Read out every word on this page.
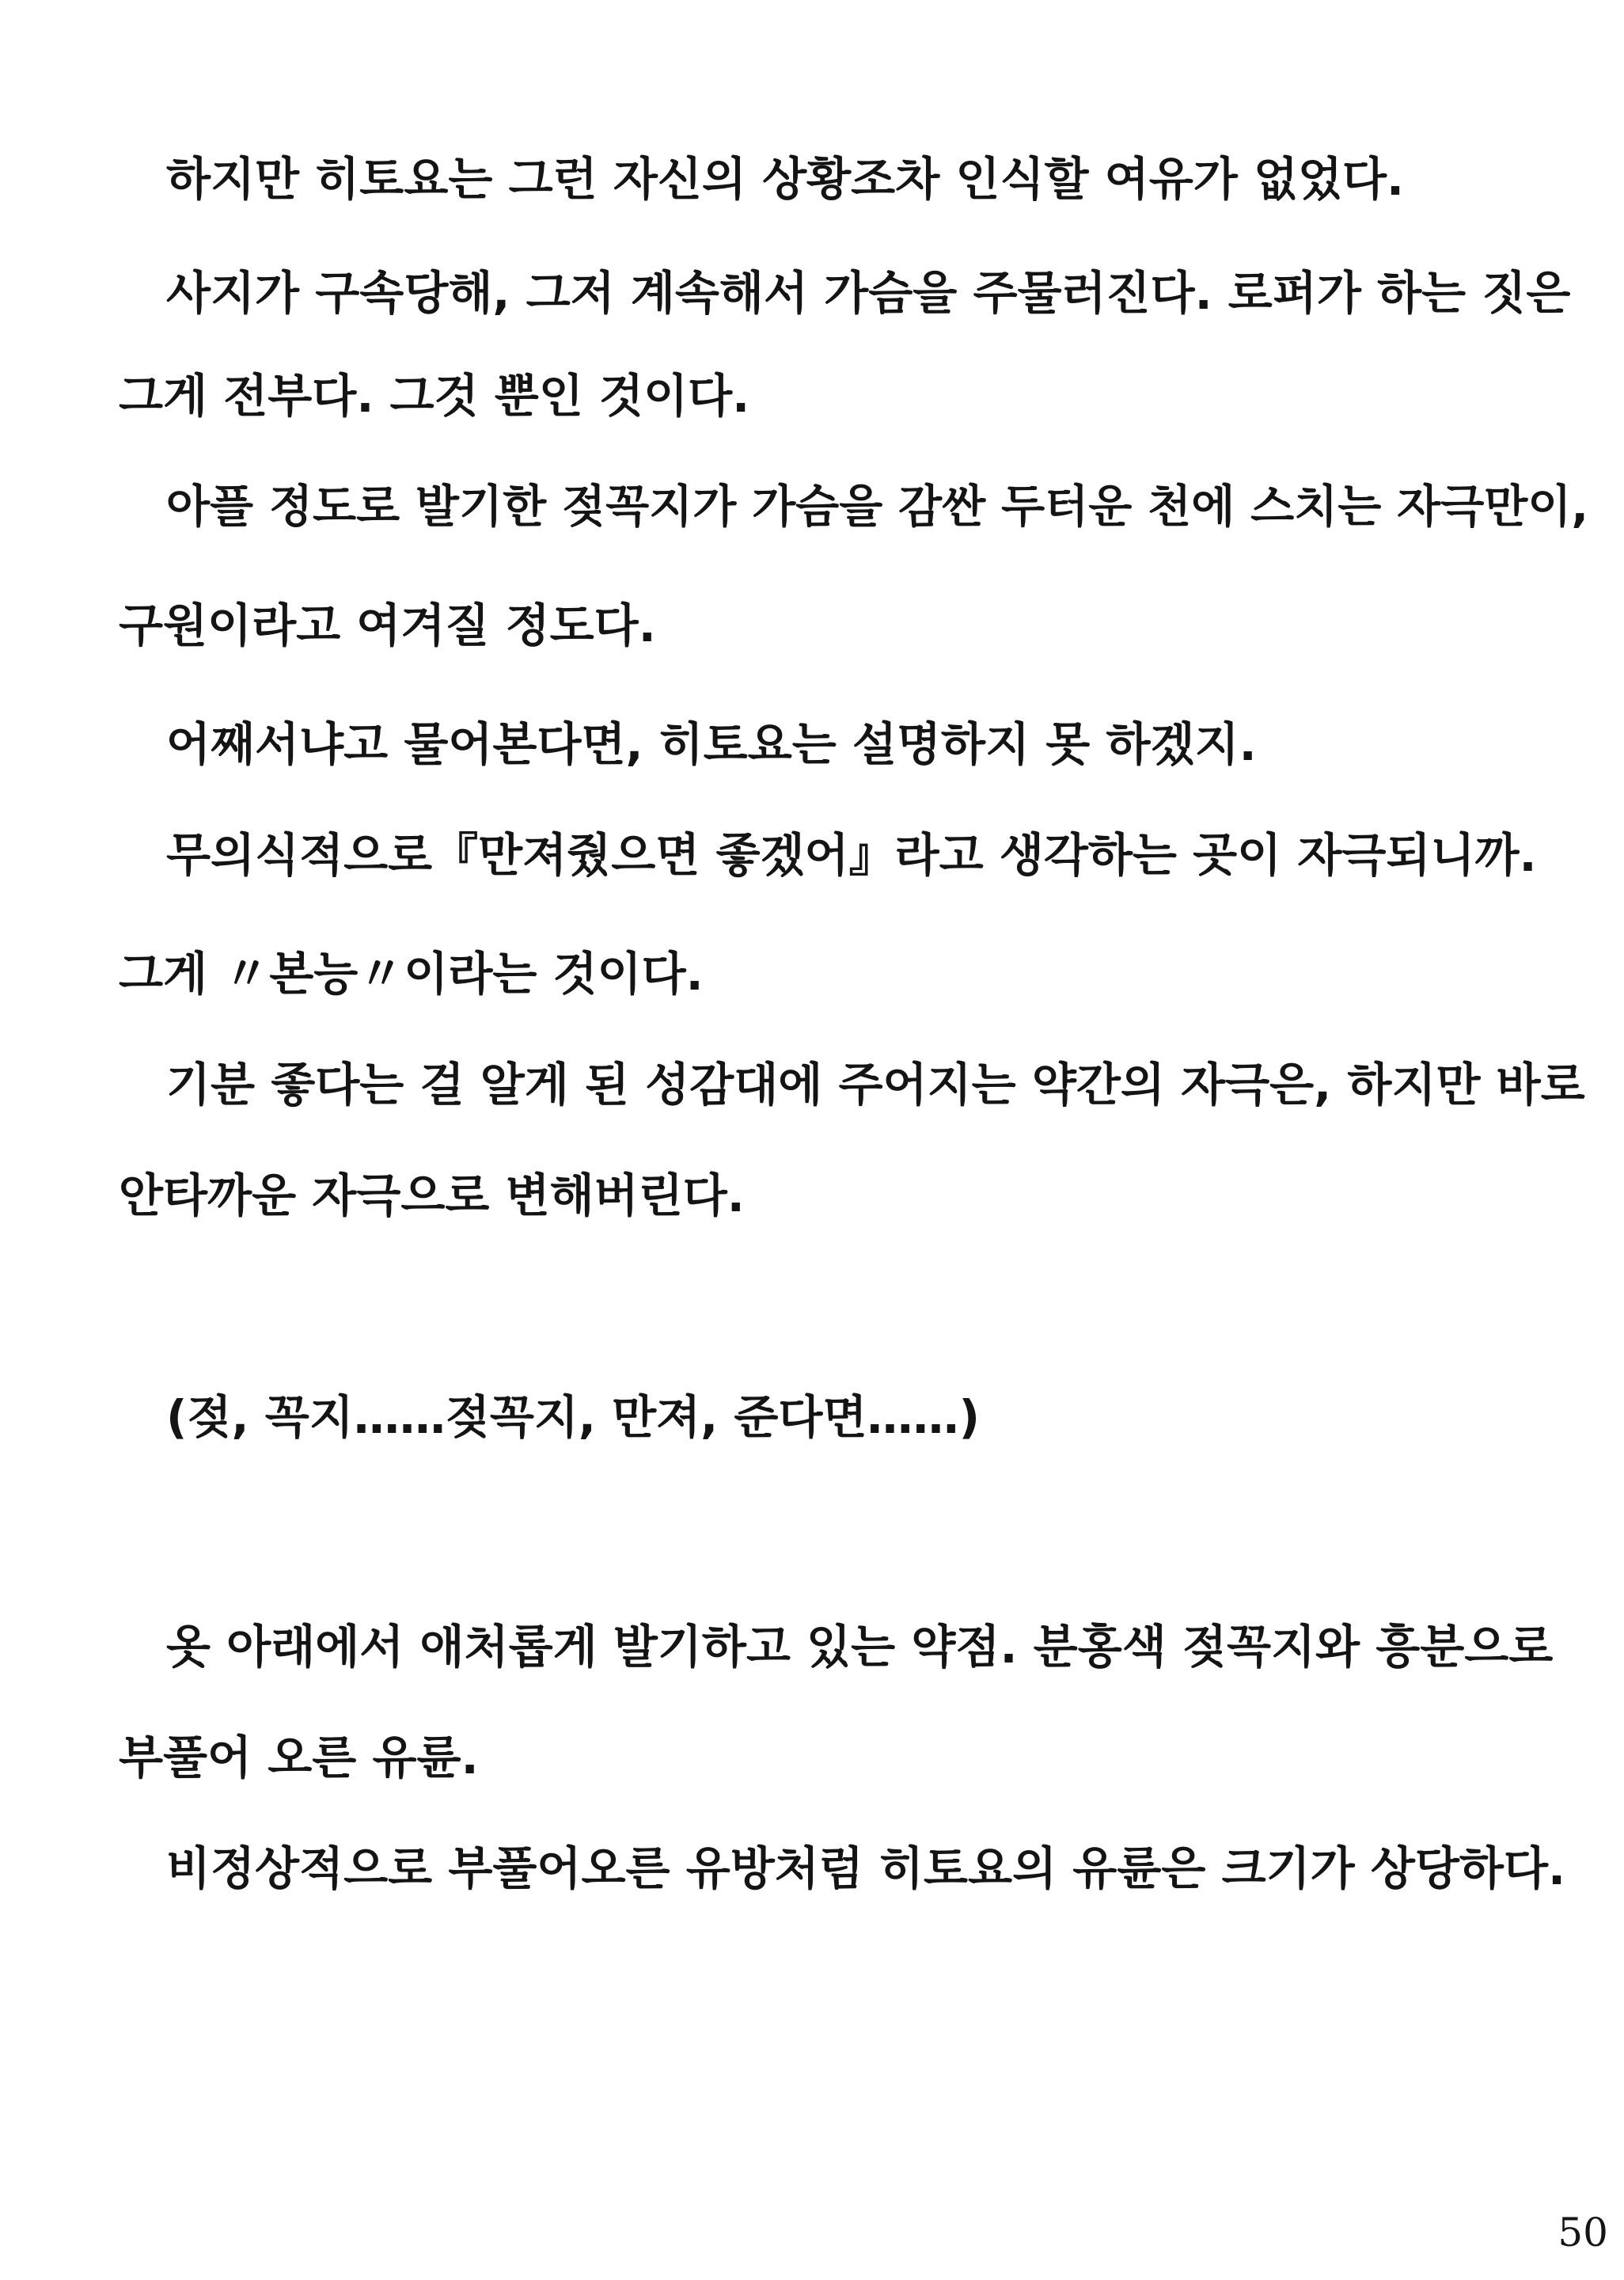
하지만 히토요는 그런 자신의 상황조차 인식할 여유가 없었다.
사지가 구속당해, 그저 계속해서 가슴을 주물러진다. 로퍼가 하는 짓은
그게 전부다. 그것 뿐인 것이다.
아플 정도로 발기한 젖꼭지가 가슴을 감싼 두터운 천에 스치는 자극만이,
구원이라고 여겨질 정도다.
어째서냐고 물어본다면, 히토요는 설명하지 못 하겠지.
무의식적으로『만져줬으면 좋겠어』라고 생각하는 곳이 자극되니까.
그게 〃본능〃이라는 것이다.
기분 좋다는 걸 알게 된 성감대에 주어지는 약간의 자극은, 하지만 바로
안타까운 자극으로 변해버린다.
(젖, 꼭지……젖꼭지, 만져, 준다면……)
옷 아래에서 애처롭게 발기하고 있는 약점. 분홍색 젖꼭지와 흥분으로
부풀어 오른 유륜.
비정상적으로 부풀어오른 유방처럼 히토요의 유륜은 크기가 상당하다.
50
